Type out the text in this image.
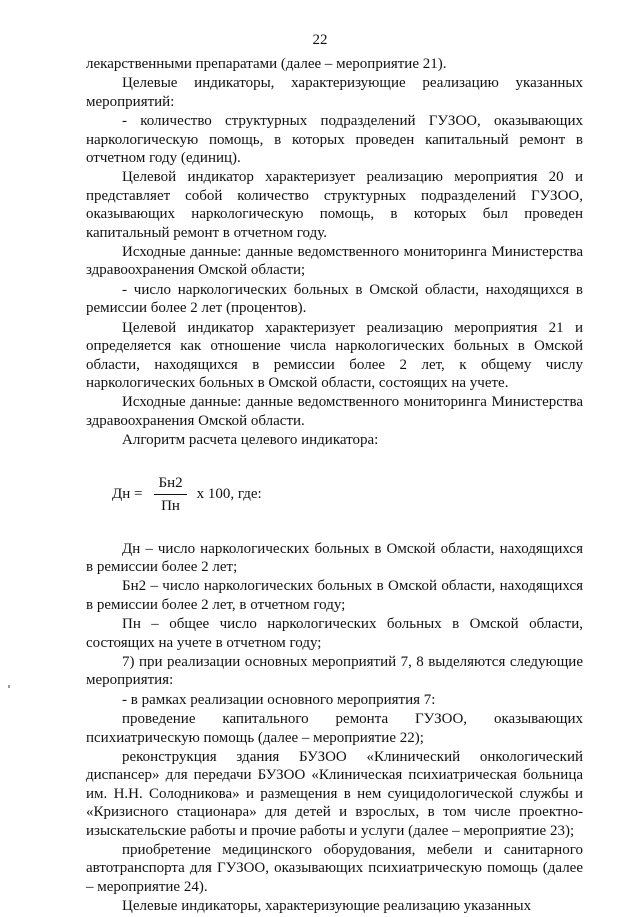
22

лекарственными препаратами (далее – мероприятие 21).

Целевые индикаторы, характеризующие реализацию указанных мероприятий:

- количество структурных подразделений ГУЗОО, оказывающих наркологическую помощь, в которых проведен капитальный ремонт в отчетном году (единиц).

Целевой индикатор характеризует реализацию мероприятия 20 и представляет собой количество структурных подразделений ГУЗОО, оказывающих наркологическую помощь, в которых был проведен капитальный ремонт в отчетном году.

Исходные данные: данные ведомственного мониторинга Министерства здравоохранения Омской области;

- число наркологических больных в Омской области, находящихся в ремиссии более 2 лет (процентов).

Целевой индикатор характеризует реализацию мероприятия 21 и определяется как отношение числа наркологических больных в Омской области, находящихся в ремиссии более 2 лет, к общему числу наркологических больных в Омской области, состоящих на учете.

Исходные данные: данные ведомственного мониторинга Министерства здравоохранения Омской области.

Алгоритм расчета целевого индикатора:

Дн = $\frac{Бн2}{Пн}$ х 100, где:

Дн – число наркологических больных в Омской области, находящихся в ремиссии более 2 лет;

Бн2 – число наркологических больных в Омской области, находящихся в ремиссии более 2 лет, в отчетном году;

Пн – общее число наркологических больных в Омской области, состоящих на учете в отчетном году;

7) при реализации основных мероприятий 7, 8 выделяются следующие мероприятия:

- в рамках реализации основного мероприятия 7:

проведение капитального ремонта ГУЗОО, оказывающих психиатрическую помощь (далее – мероприятие 22);

реконструкция здания БУЗОО «Клинический онкологический диспансер» для передачи БУЗОО «Клиническая психиатрическая больница им. Н.Н. Солодникова» и размещения в нем суицидологической службы и «Кризисного стационара» для детей и взрослых, в том числе проектно-изыскательские работы и прочие работы и услуги (далее – мероприятие 23);

приобретение медицинского оборудования, мебели и санитарного автотранспорта для ГУЗОО, оказывающих психиатрическую помощь (далее – мероприятие 24).

Целевые индикаторы, характеризующие реализацию указанных
